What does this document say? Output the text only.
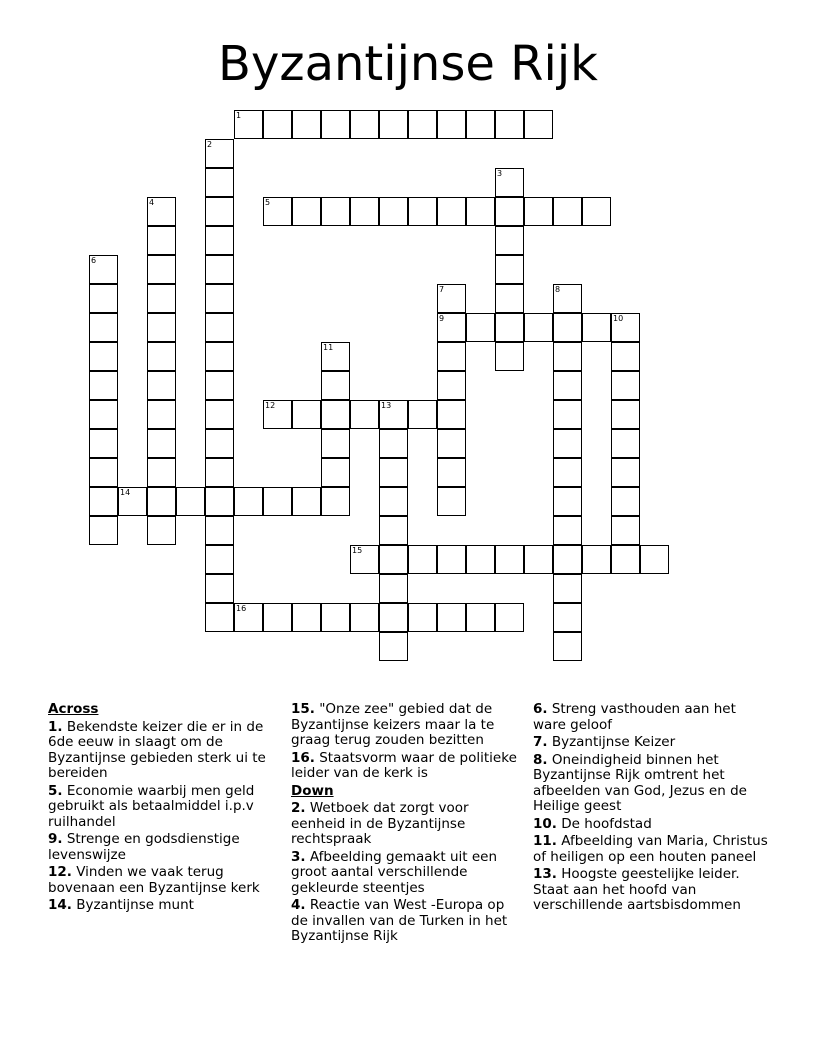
Byzantijnse Rijk
1
2
3
4	5
6
7
9
8
10
11
12	13
14
15
16
Across
1. Bekendste keizer die er in de 6de eeuw in slaagt om de Byzantijnse gebieden sterk ui te bereiden
5. Economie waarbij men geld gebruikt als betaalmiddel i.p.v ruilhandel
9. Strenge en godsdienstige levenswijze
12. Vinden we vaak terug bovenaan een Byzantijnse kerk
14. Byzantijnse munt
15. "Onze zee" gebied dat de Byzantijnse keizers maar la te graag terug zouden bezitten
16. Staatsvorm waar de politieke leider van de kerk is
Down
2. Wetboek dat zorgt voor eenheid in de Byzantijnse rechtspraak
3. Afbeelding gemaakt uit een groot aantal verschillende gekleurde steentjes
4. Reactie van West -Europa op de invallen van de Turken in het Byzantijnse Rijk
6. Streng vasthouden aan het ware geloof
7. Byzantijnse Keizer
8. Oneindigheid binnen het Byzantijnse Rijk omtrent het afbeelden van God, Jezus en de Heilige geest
10. De hoofdstad
11. Afbeelding van Maria, Christus of heiligen op een houten paneel
13. Hoogste geestelijke leider. Staat aan het hoofd van verschillende aartsbisdommen
